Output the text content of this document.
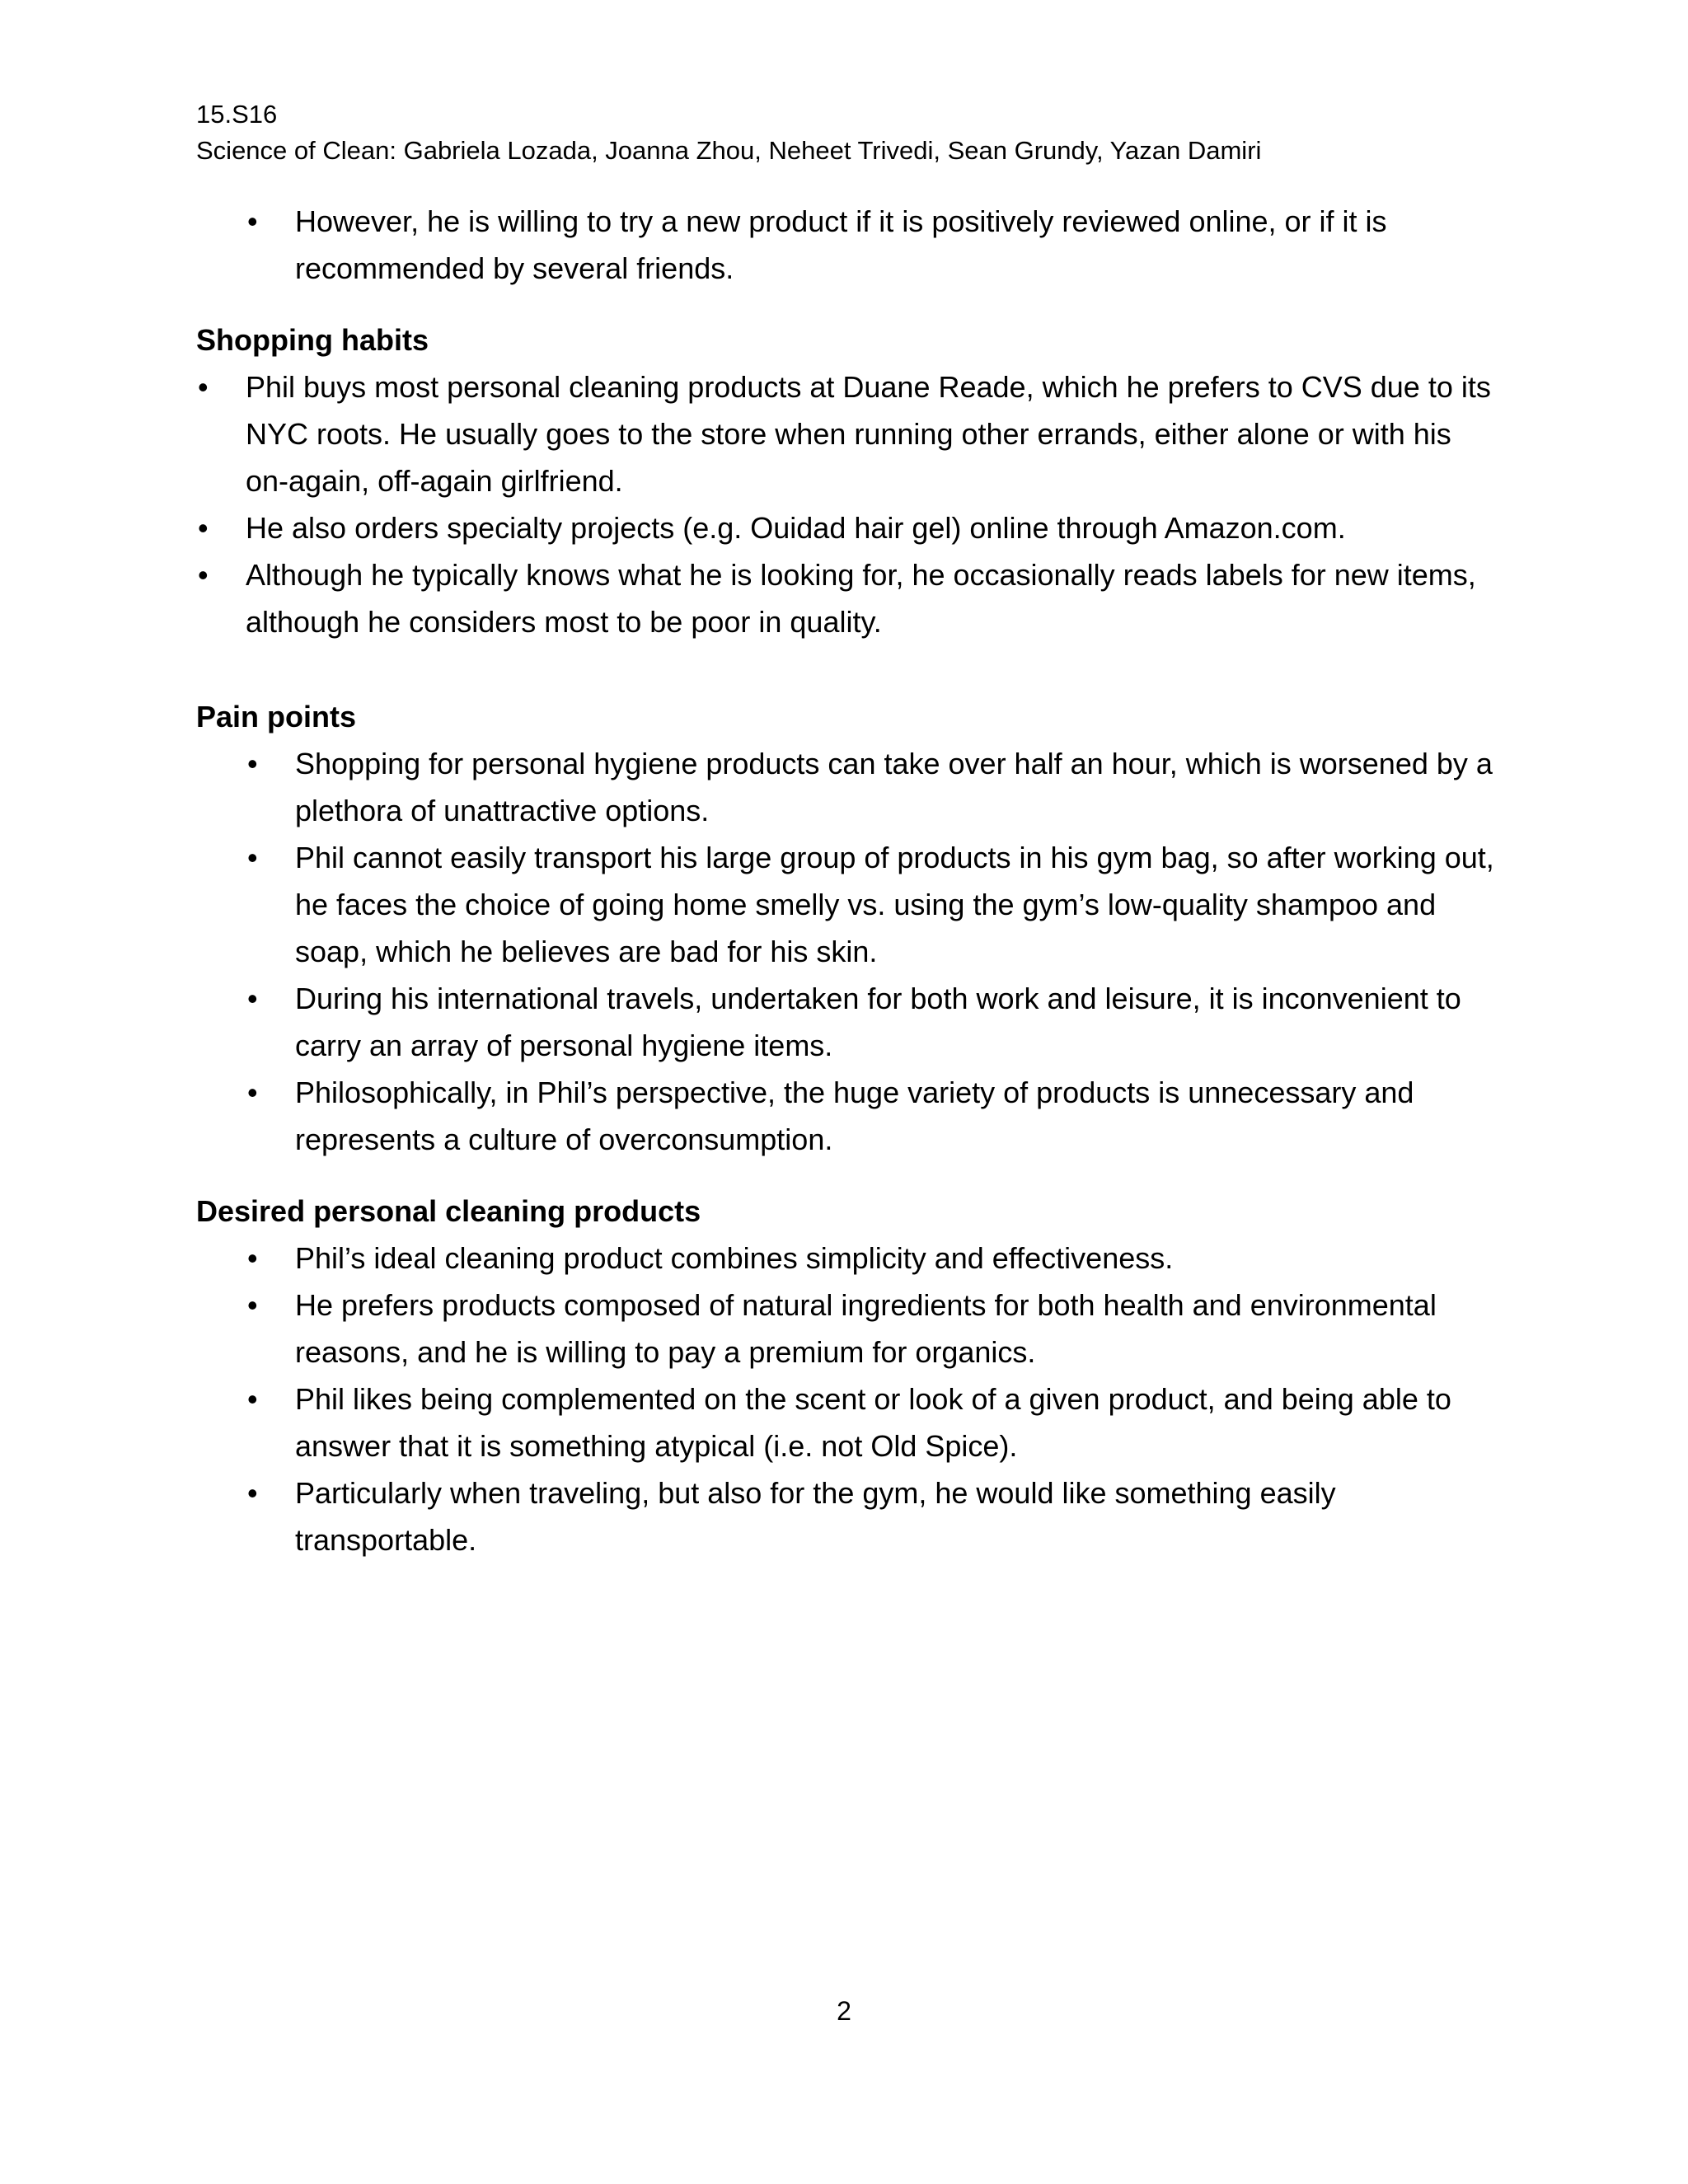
15.S16
Science of Clean: Gabriela Lozada, Joanna Zhou, Neheet Trivedi, Sean Grundy, Yazan Damiri
• However, he is willing to try a new product if it is positively reviewed online, or if it is recommended by several friends.
Shopping habits
• Phil buys most personal cleaning products at Duane Reade, which he prefers to CVS due to its NYC roots. He usually goes to the store when running other errands, either alone or with his on-again, off-again girlfriend.
• He also orders specialty projects (e.g. Ouidad hair gel) online through Amazon.com.
• Although he typically knows what he is looking for, he occasionally reads labels for new items, although he considers most to be poor in quality.
Pain points
• Shopping for personal hygiene products can take over half an hour, which is worsened by a plethora of unattractive options.
• Phil cannot easily transport his large group of products in his gym bag, so after working out, he faces the choice of going home smelly vs. using the gym’s low-quality shampoo and soap, which he believes are bad for his skin.
• During his international travels, undertaken for both work and leisure, it is inconvenient to carry an array of personal hygiene items.
• Philosophically, in Phil’s perspective, the huge variety of products is unnecessary and represents a culture of overconsumption.
Desired personal cleaning products
• Phil’s ideal cleaning product combines simplicity and effectiveness.
• He prefers products composed of natural ingredients for both health and environmental reasons, and he is willing to pay a premium for organics.
• Phil likes being complemented on the scent or look of a given product, and being able to answer that it is something atypical (i.e. not Old Spice).
• Particularly when traveling, but also for the gym, he would like something easily transportable.
2
